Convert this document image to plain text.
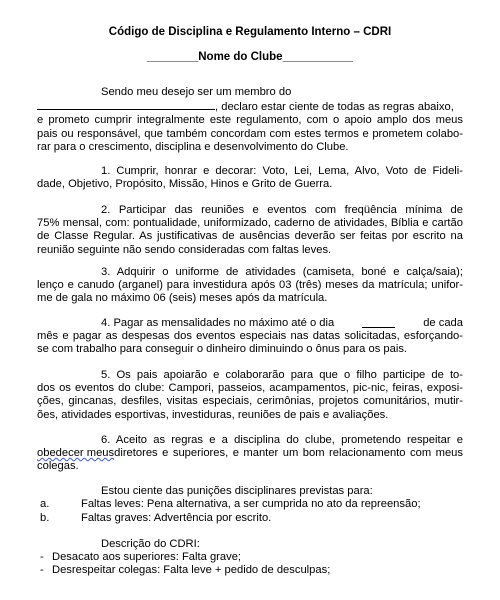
Código de Disciplina e Regulamento Interno – CDRI
________Nome do Clube___________
Sendo meu desejo ser um membro do
, declaro estar ciente de todas as regras abaixo,
e prometo cumprir integralmente este regulamento, com o apoio amplo dos meus
pais ou responsável, que também concordam com estes termos e prometem colabo-
rar para o crescimento, disciplina e desenvolvimento do Clube.
1. Cumprir, honrar e decorar: Voto, Lei, Lema, Alvo, Voto de Fideli-
dade, Objetivo, Propósito, Missão, Hinos e Grito de Guerra.
2. Participar das reuniões e eventos com freqüência mínima de
75% mensal, com: pontualidade, uniformizado, caderno de atividades, Bíblia e cartão
de Classe Regular. As justificativas de ausências deverão ser feitas por escrito na
reunião seguinte não sendo consideradas com faltas leves.
3. Adquirir o uniforme de atividades (camiseta, boné e calça/saia);
lenço e canudo (arganel) para investidura após 03 (três) meses da matrícula; unifor-
me de gala no máximo 06 (seis) meses após da matrícula.
4. Pagar as mensalidades no máximo até o dia	de cada
mês e pagar as despesas dos eventos especiais nas datas solicitadas, esforçando-
se com trabalho para conseguir o dinheiro diminuindo o ônus para os pais.
5. Os pais apoiarão e colaborarão para que o filho participe de to-
dos os eventos do clube: Campori, passeios, acampamentos, pic-nic, feiras, exposi-
ções, gincanas, desfiles, visitas especiais, cerimônias, projetos comunitários, mutir-
ões, atividades esportivas, investiduras, reuniões de pais e avaliações.
6. Aceito as regras e a disciplina do clube, prometendo respeitar e
obedecer meus diretores e superiores, e manter um bom relacionamento com meus
colegas.
Estou ciente das punições disciplinares previstas para:
a.	Faltas leves: Pena alternativa, a ser cumprida no ato da repreensão;
b.	Faltas graves: Advertência por escrito.
Descrição do CDRI:
- Desacato aos superiores: Falta grave;
- Desrespeitar colegas: Falta leve + pedido de desculpas;
